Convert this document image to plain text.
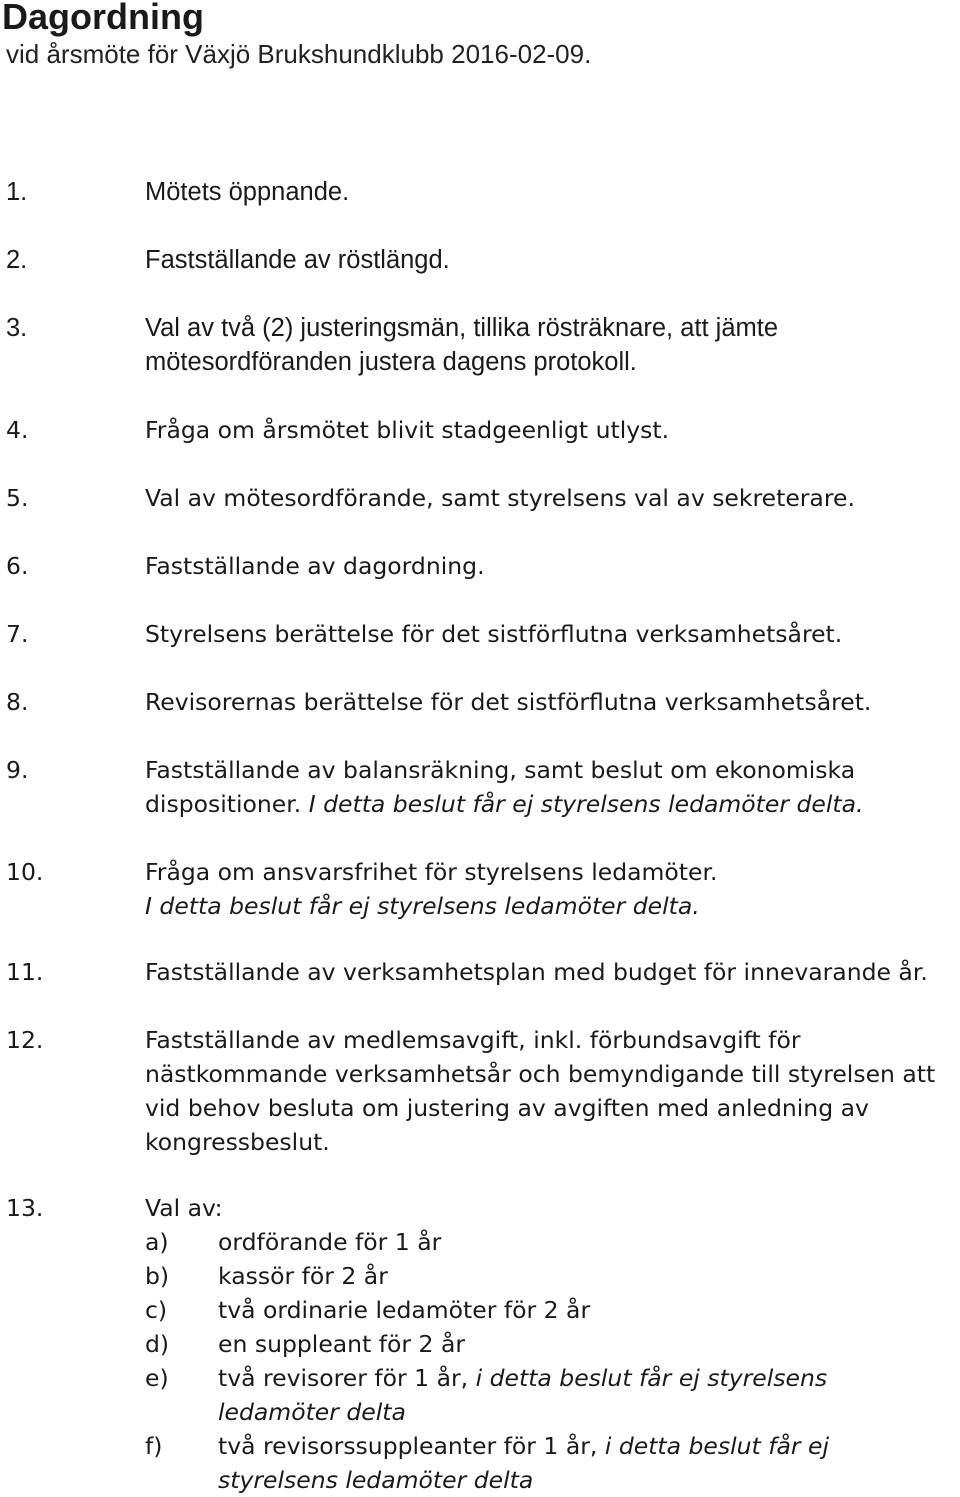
Dagordning
vid årsmöte för Växjö Brukshundklubb 2016-02-09.
1.	Mötets öppnande.
2.	Fastställande av röstlängd.
3.	Val av två (2) justeringsmän, tillika rösträknare, att jämte
mötesordföranden justera dagens protokoll.
4.	Fråga om årsmötet blivit stadgeenligt utlyst.
5.	Val av mötesordförande, samt styrelsens val av sekreterare.
6.	Fastställande av dagordning.
7.	Styrelsens berättelse för det sistförflutna verksamhetsåret.
8.	Revisorernas berättelse för det sistförflutna verksamhetsåret.
9.	Fastställande av balansräkning, samt beslut om ekonomiska
dispositioner. I detta beslut får ej styrelsens ledamöter delta.
10.	Fråga om ansvarsfrihet för styrelsens ledamöter.
I detta beslut får ej styrelsens ledamöter delta.
11.	Fastställande av verksamhetsplan med budget för innevarande år.
12.	Fastställande av medlemsavgift, inkl. förbundsavgift för
nästkommande verksamhetsår och bemyndigande till styrelsen att
vid behov besluta om justering av avgiften med anledning av
kongressbeslut.
13.	Val av:
a) ordförande för 1 år
b) kassör för 2 år
c) två ordinarie ledamöter för 2 år
d) en suppleant för 2 år
e) två revisorer för 1 år, i detta beslut får ej styrelsens
ledamöter delta
f) två revisorssuppleanter för 1 år, i detta beslut får ej
styrelsens ledamöter delta
